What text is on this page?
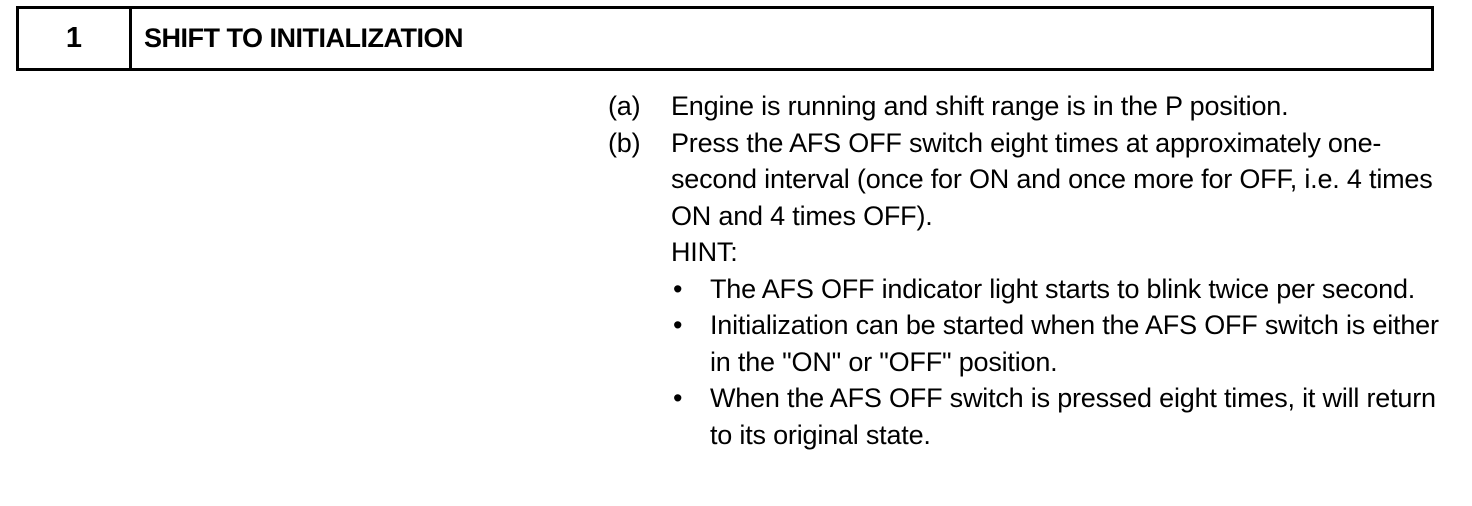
1	SHIFT TO INITIALIZATION
(a)	Engine is running and shift range is in the P position.
(b)	Press the AFS OFF switch eight times at approximately one-second interval (once for ON and once more for OFF, i.e. 4 times ON and 4 times OFF).
HINT:
•	The AFS OFF indicator light starts to blink twice per second.
•	Initialization can be started when the AFS OFF switch is either in the "ON" or "OFF" position.
•	When the AFS OFF switch is pressed eight times, it will return to its original state.
